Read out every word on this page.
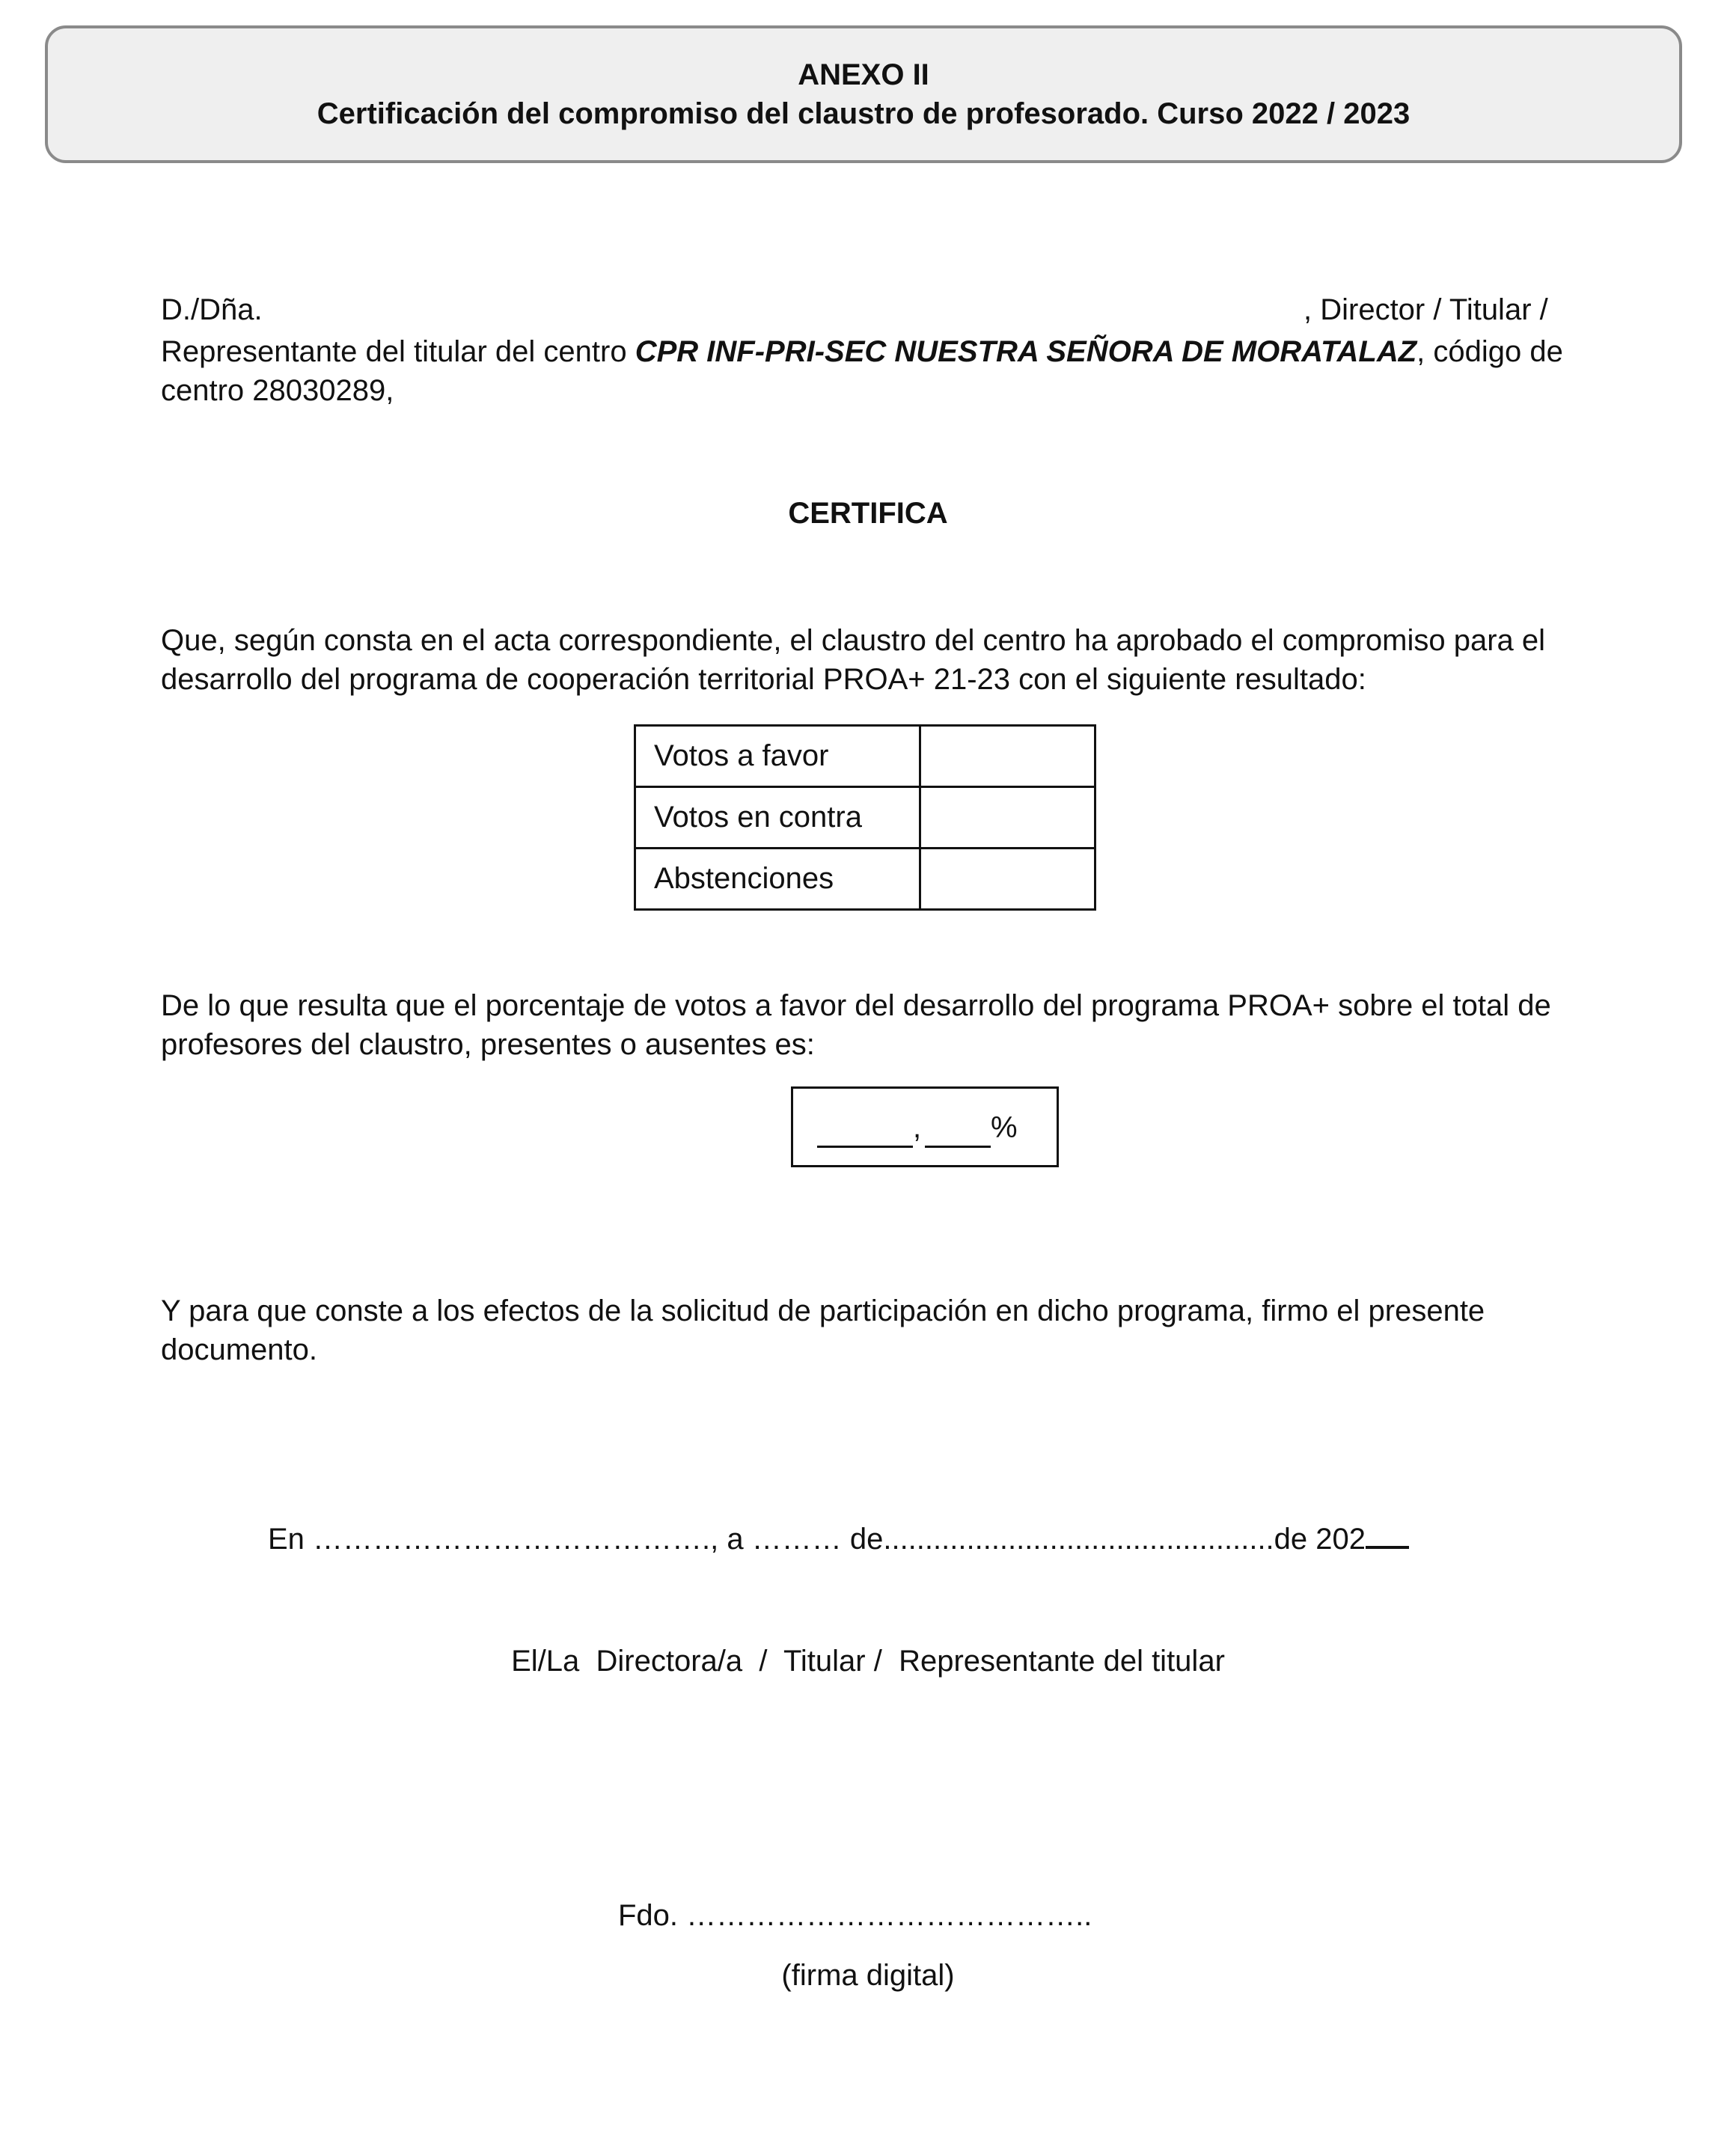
ANEXO II
Certificación del compromiso del claustro de profesorado. Curso 2022 / 2023
D./Dña.	, Director / Titular /
Representante del titular del centro CPR INF-PRI-SEC NUESTRA SEÑORA DE MORATALAZ, código de centro 28030289,
CERTIFICA
Que, según consta en el acta correspondiente, el claustro del centro ha aprobado el compromiso para el desarrollo del programa de cooperación territorial PROA+ 21-23 con el siguiente resultado:
Votos a favor	
Votos en contra	
Abstenciones	
De lo que resulta que el porcentaje de votos a favor del desarrollo del programa PROA+ sobre el total de profesores del claustro, presentes o ausentes es:
, %
Y para que conste a los efectos de la solicitud de participación en dicho programa, firmo el presente documento.
En …………………………………., a ……… de...............................................de 202
El/La  Directora/a  /  Titular /  Representante del titular
Fdo. …………………………………..
(firma digital)
